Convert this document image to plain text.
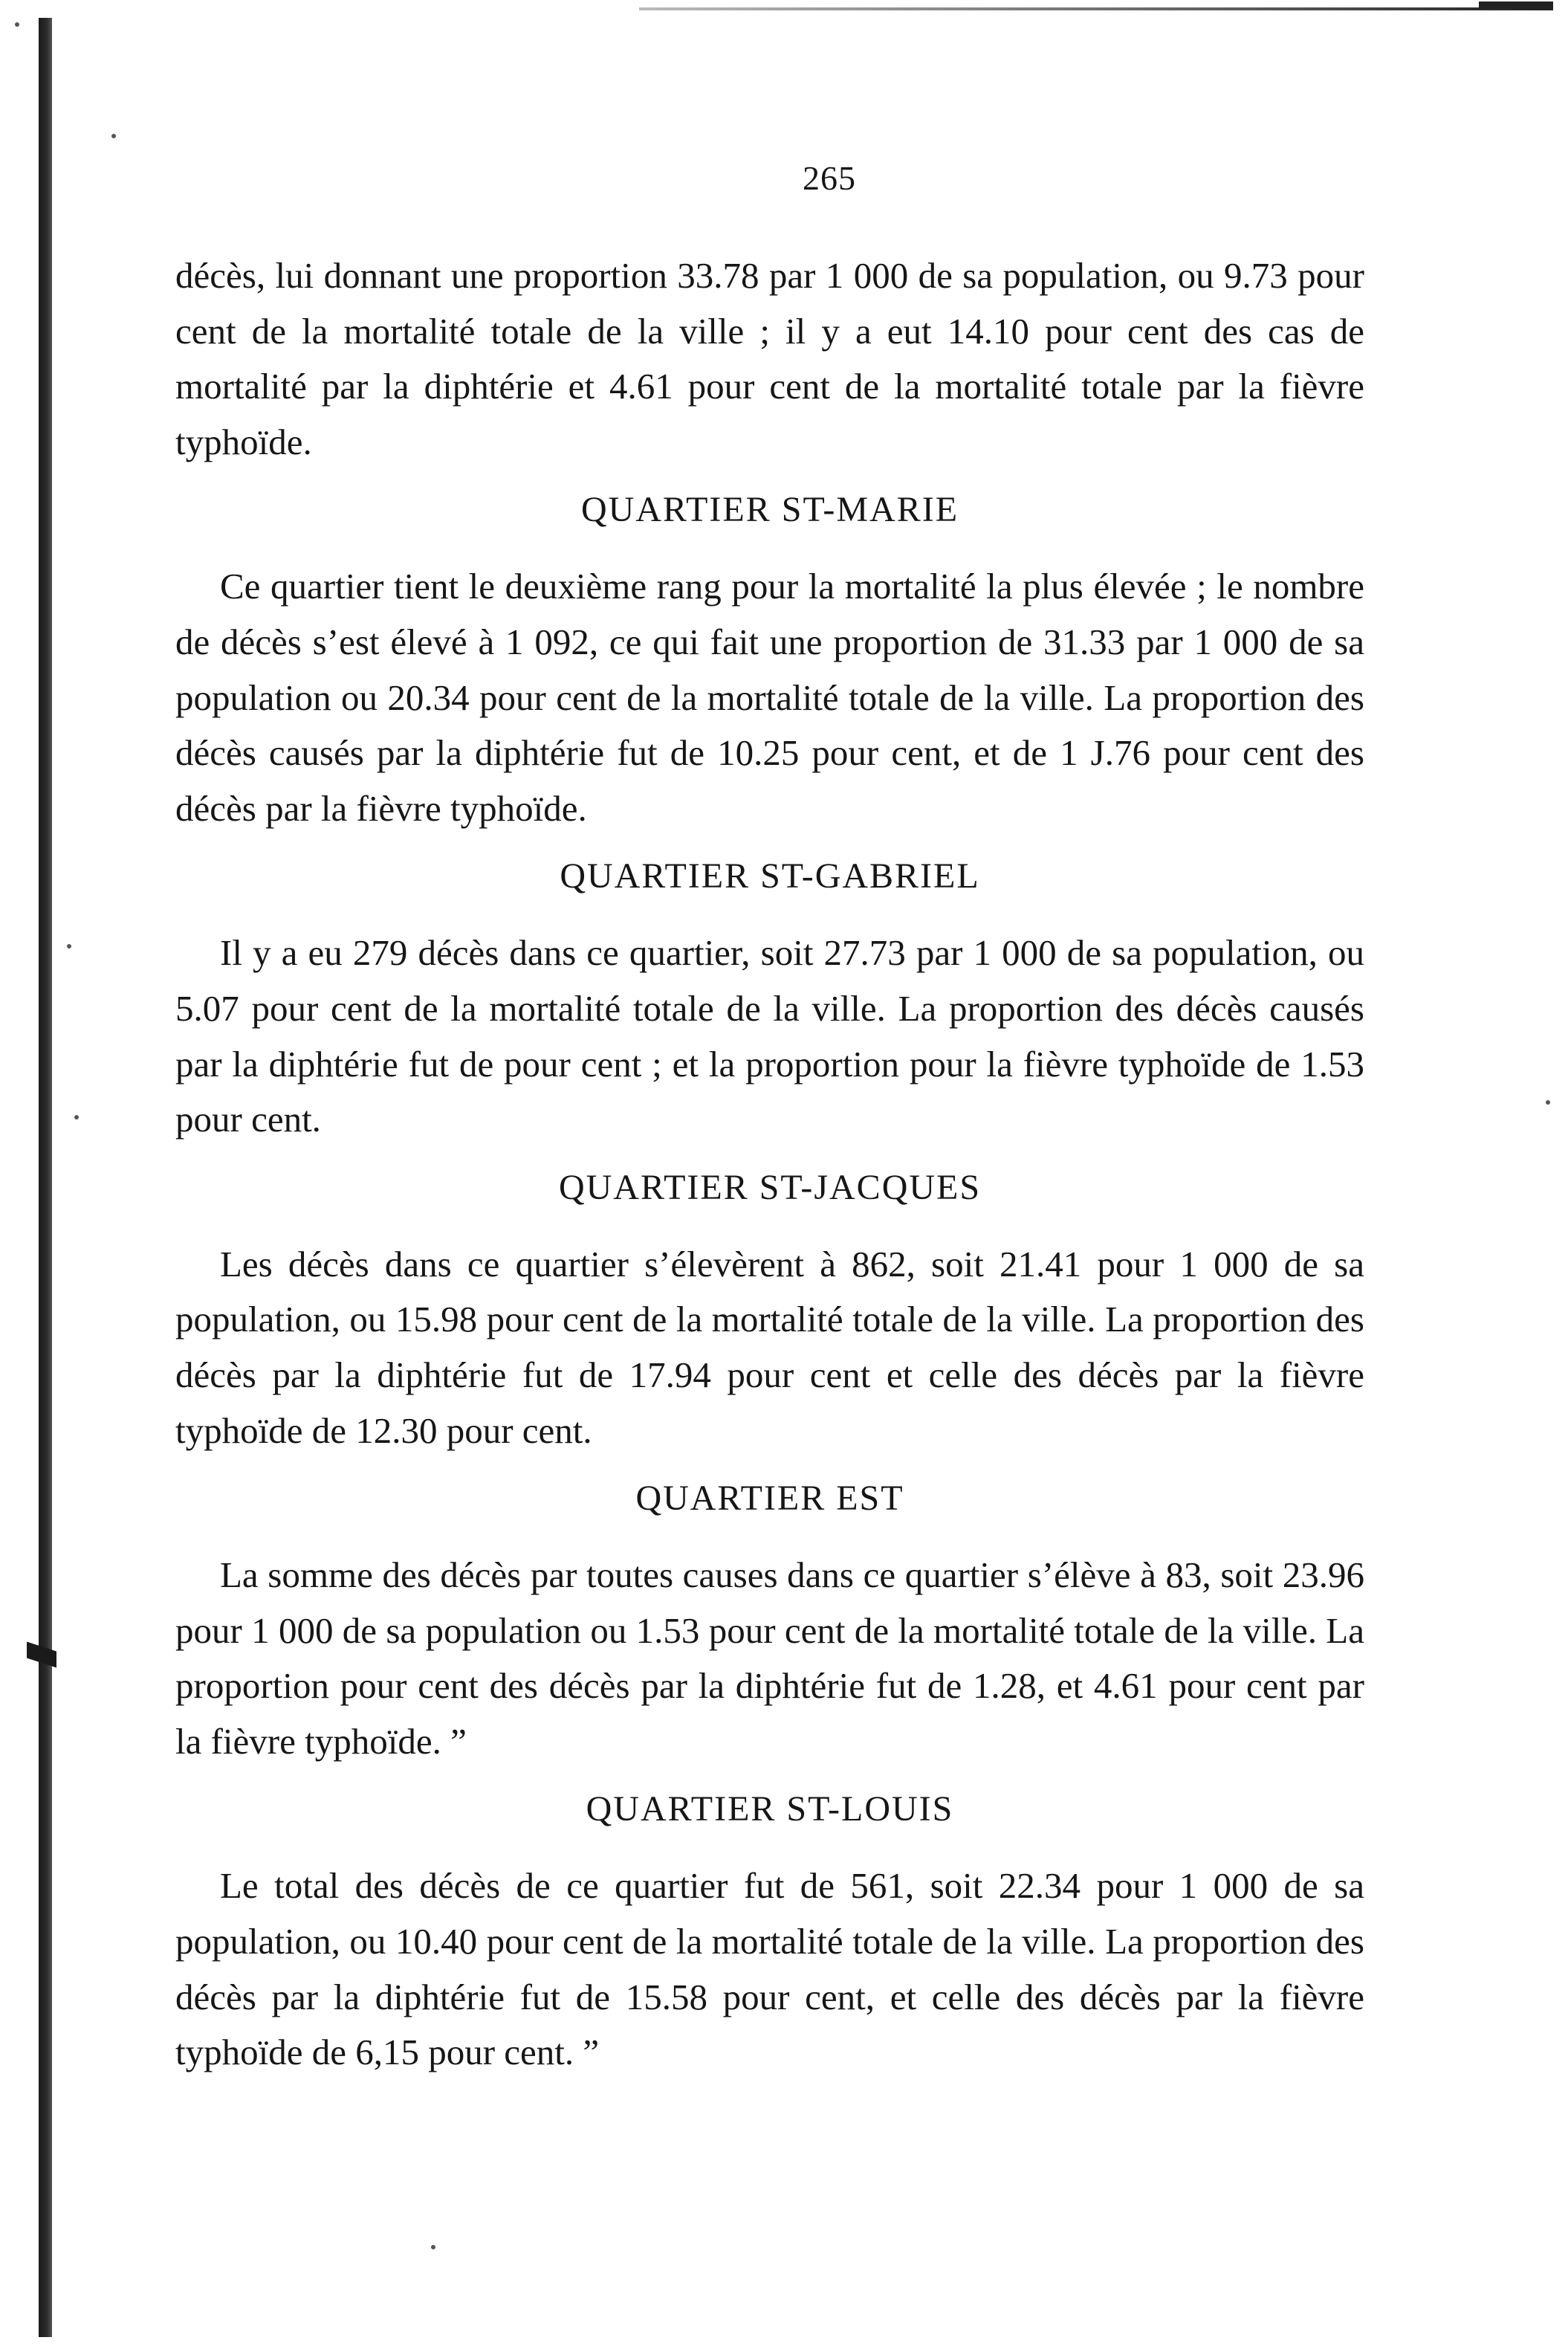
265

décès, lui donnant une proportion 33.78 par 1 000 de sa population, ou 9.73 pour cent de la mortalité totale de la ville ; il y a eut 14.10 pour cent des cas de mortalité par la diphtérie et 4.61 pour cent de la mortalité totale par la fièvre typhoïde.

QUARTIER ST-MARIE

Ce quartier tient le deuxième rang pour la mortalité la plus élevée ; le nombre de décès s’est élevé à 1 092, ce qui fait une proportion de 31.33 par 1 000 de sa population ou 20.34 pour cent de la mortalité totale de la ville. La proportion des décès causés par la diphtérie fut de 10.25 pour cent, et de 1 J.76 pour cent des décès par la fièvre typhoïde.

QUARTIER ST-GABRIEL

Il y a eu 279 décès dans ce quartier, soit 27.73 par 1 000 de sa population, ou 5.07 pour cent de la mortalité totale de la ville. La proportion des décès causés par la diphtérie fut de pour cent ; et la proportion pour la fièvre typhoïde de 1.53 pour cent.

QUARTIER ST-JACQUES

Les décès dans ce quartier s’élevèrent à 862, soit 21.41 pour 1 000 de sa population, ou 15.98 pour cent de la mortalité totale de la ville. La proportion des décès par la diphtérie fut de 17.94 pour cent et celle des décès par la fièvre typhoïde de 12.30 pour cent.

QUARTIER EST

La somme des décès par toutes causes dans ce quartier s’élève à 83, soit 23.96 pour 1 000 de sa population ou 1.53 pour cent de la mortalité totale de la ville. La proportion pour cent des décès par la diphtérie fut de 1.28, et 4.61 pour cent par la fièvre typhoïde. ”

QUARTIER ST-LOUIS

Le total des décès de ce quartier fut de 561, soit 22.34 pour 1 000 de sa population, ou 10.40 pour cent de la mortalité totale de la ville. La proportion des décès par la diphtérie fut de 15.58 pour cent, et celle des décès par la fièvre typhoïde de 6,15 pour cent. ”
